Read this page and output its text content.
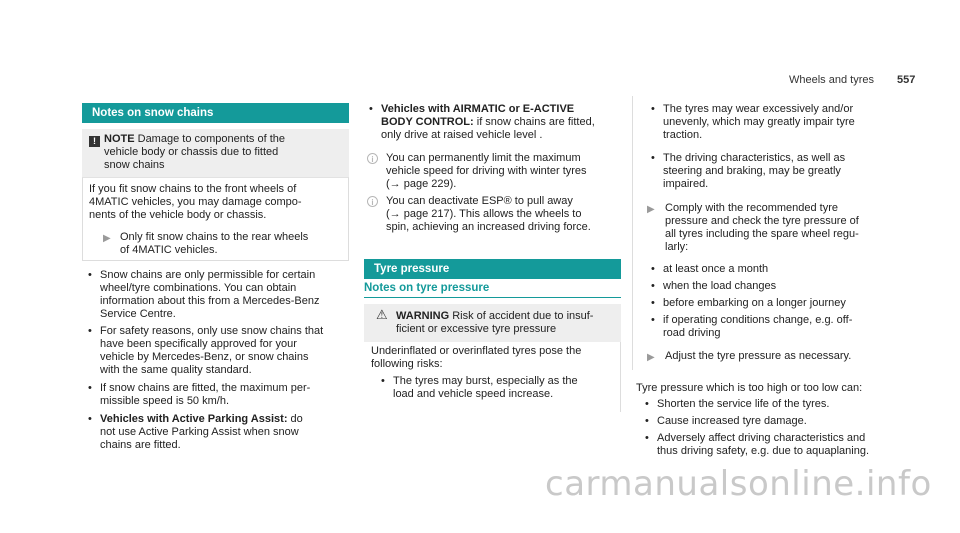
Wheels and tyres 557
Notes on snow chains
! NOTE Damage to components of the

vehicle body or chassis due to fitted

snow chains

If you fit snow chains to the front wheels of

4MATIC vehicles, you may damage compo-

nents of the vehicle body or chassis.

▶ Only fit snow chains to the rear wheels

of 4MATIC vehicles.

• Snow chains are only permissible for certain

wheel/tyre combinations. You can obtain

information about this from a Mercedes-Benz

Service Centre.

• For safety reasons, only use snow chains that

have been specifically approved for your

vehicle by Mercedes-Benz, or snow chains

with the same quality standard.

• If snow chains are fitted, the maximum per-

missible speed is 50 km/h.

• Vehicles with Active Parking Assist: do

not use Active Parking Assist when snow

chains are fitted.

• Vehicles with AIRMATIC or E-ACTIVE

BODY CONTROL: if snow chains are fitted,

only drive at raised vehicle level .

i	You can permanently limit the maximum

vehicle speed for driving with winter tyres

(→ page 229).

i	You can deactivate ESP® to pull away

(→ page 217). This allows the wheels to

spin, achieving an increased driving force.

Tyre pressure
Notes on tyre pressure
⚠ WARNING Risk of accident due to insuf-

ficient or excessive tyre pressure

Underinflated or overinflated tyres pose the

following risks:

• The tyres may burst, especially as the

load and vehicle speed increase.

• The tyres may wear excessively and/or

unevenly, which may greatly impair tyre

traction.

• The driving characteristics, as well as

steering and braking, may be greatly

impaired.

▶ Comply with the recommended tyre

pressure and check the tyre pressure of

all tyres including the spare wheel regu-

larly:

• at least once a month

• when the load changes

• before embarking on a longer journey

• if operating conditions change, e.g. off-

road driving

▶ Adjust the tyre pressure as necessary.

Tyre pressure which is too high or too low can:

• Shorten the service life of the tyres.

• Cause increased tyre damage.

• Adversely affect driving characteristics and

thus driving safety, e.g. due to aquaplaning.

carmanualsonline.info
